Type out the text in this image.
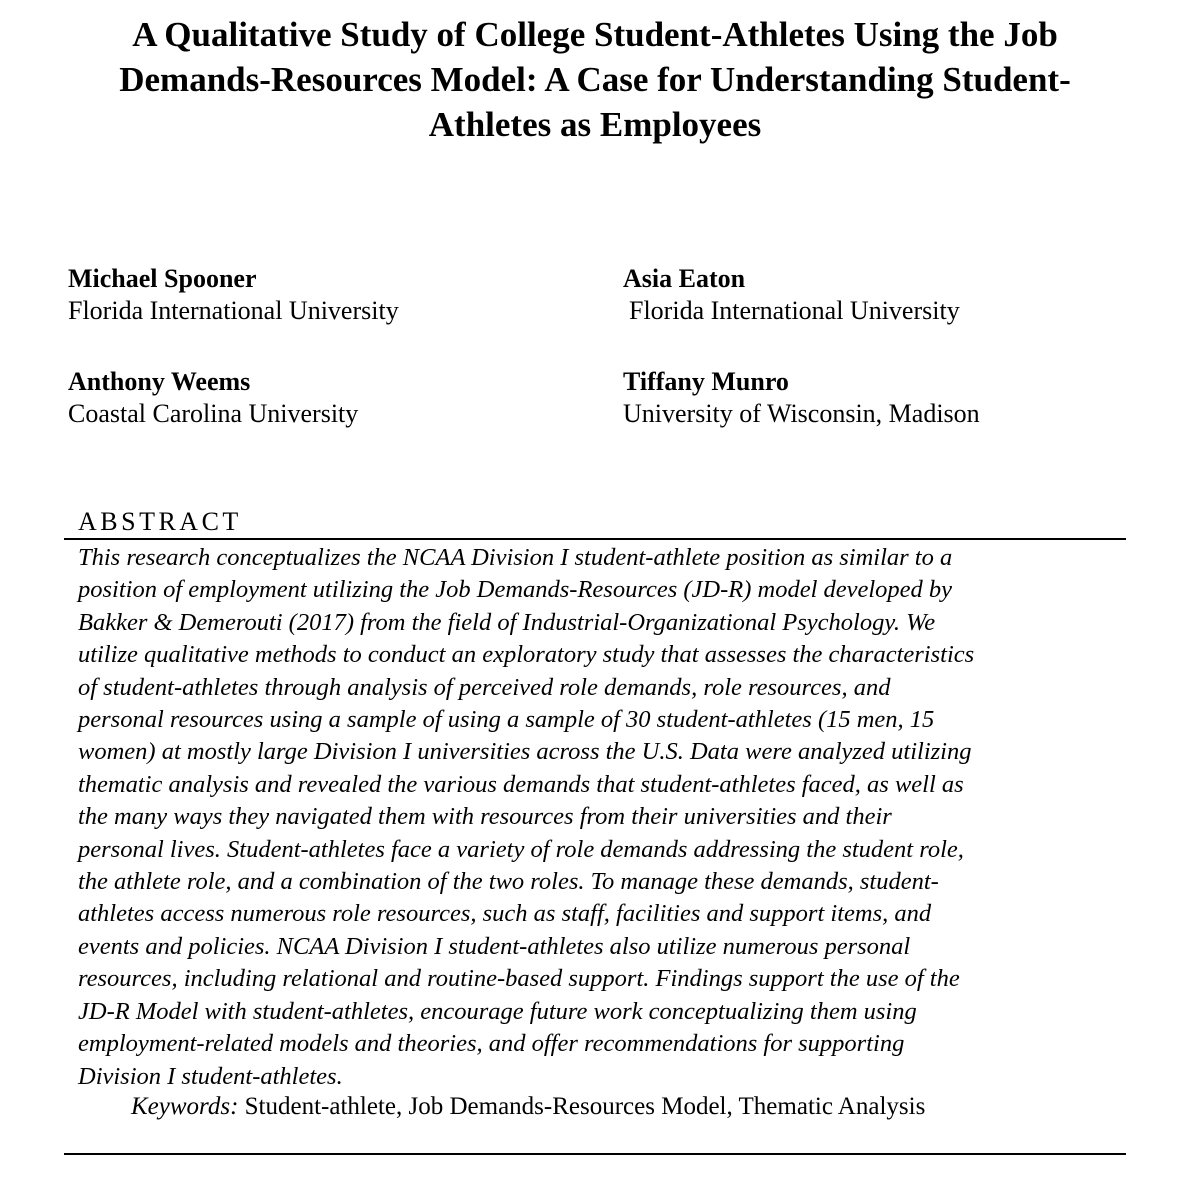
A Qualitative Study of College Student-Athletes Using the Job
Demands-Resources Model: A Case for Understanding Student-
Athletes as Employees
Michael Spooner
Florida International University
Asia Eaton
Florida International University
Anthony Weems
Coastal Carolina University
Tiffany Munro
University of Wisconsin, Madison
ABSTRACT

This research conceptualizes the NCAA Division I student-athlete position as similar to a
position of employment utilizing the Job Demands-Resources (JD-R) model developed by
Bakker & Demerouti (2017) from the field of Industrial-Organizational Psychology. We
utilize qualitative methods to conduct an exploratory study that assesses the characteristics
of student-athletes through analysis of perceived role demands, role resources, and
personal resources using a sample of using a sample of 30 student-athletes (15 men, 15
women) at mostly large Division I universities across the U.S. Data were analyzed utilizing
thematic analysis and revealed the various demands that student-athletes faced, as well as
the many ways they navigated them with resources from their universities and their
personal lives. Student-athletes face a variety of role demands addressing the student role,
the athlete role, and a combination of the two roles. To manage these demands, student-
athletes access numerous role resources, such as staff, facilities and support items, and
events and policies. NCAA Division I student-athletes also utilize numerous personal
resources, including relational and routine-based support. Findings support the use of the
JD-R Model with student-athletes, encourage future work conceptualizing them using
employment-related models and theories, and offer recommendations for supporting
Division I student-athletes.

Keywords: Student-athlete, Job Demands-Resources Model, Thematic Analysis
